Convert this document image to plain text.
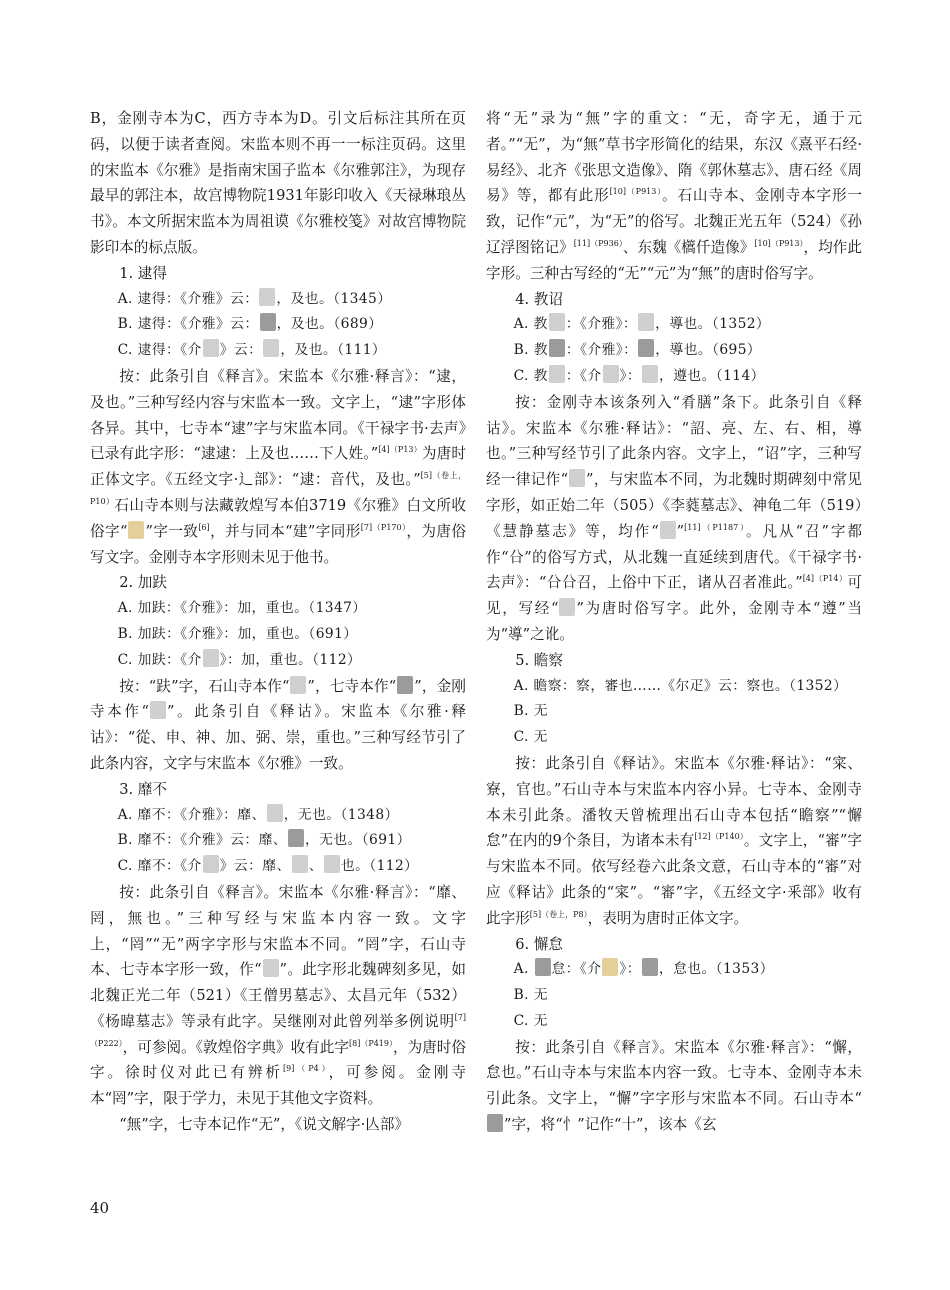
B，金刚寺本为C，西方寺本为D。引文后标注其所在页码，以便于读者查阅。宋监本则不再一一标注页码。这里的宋监本《尔雅》是指南宋国子监本《尔雅郭注》，为现存最早的郭注本，故宫博物院1931年影印收入《天禄琳琅丛书》。本文所据宋监本为周祖谟《尔雅校笺》对故宫博物院影印本的标点版。

1. 逮得

A. 逮得：《介雅》云： ，及也。（1345）

B. 逮得：《介雅》云： ，及也。（689）

C. 逮得：《介 》云： ，及也。（111）

按：此条引自《释言》。宋监本《尔雅·释言》：“逮，及也。”三种写经内容与宋监本一致。文字上，“逮”字形体各异。其中，七寺本“逮”字与宋监本同。《干禄字书·去声》已录有此字形：“逮逮：上及也……下人姓。”$^{[4](P13)}$为唐时正体文字。《五经文字·辶部》：“逮：音代，及也。”$^{[5](卷上,P10)}$石山寺本则与法藏敦煌写本伯3719《尔雅》白文所收俗字“ ”字一致[6]，并与同本“建”字同形$^{[7](P170)}$，为唐俗写文字。金刚寺本字形则未见于他书。

2. 加趺

A. 加趺：《介雅》：加，重也。（1347）

B. 加趺：《介雅》：加，重也。（691）

C. 加趺：《介 》：加，重也。（112）

按：“趺”字，石山寺本作“ ”，七寺本作“ ”，金刚寺本作“ ”。此条引自《释诂》。宋监本《尔雅·释诂》：“從、申、神、加、弼、崇，重也。”三种写经节引了此条内容，文字与宋监本《尔雅》一致。

3. 靡不

A. 靡不：《介雅》：靡、 ，无也。（1348）

B. 靡不：《介雅》云：靡、 ，无也。（691）

C. 靡不：《介 》云：靡、 、 也。（112）

按：此条引自《释言》。宋监本《尔雅·释言》：“靡、罔，無也。”三种写经与宋监本内容一致。文字上，“罔”“无”两字字形与宋监本不同。“罔”字，石山寺本、七寺本字形一致，作“ ”。此字形北魏碑刻多见，如北魏正光二年（521）《王僧男墓志》、太昌元年（532）《杨暐墓志》等录有此字。吴继刚对此曾列举多例说明$^{[7](P222)}$，可参阅。《敦煌俗字典》收有此字$^{[8](P419)}$，为唐时俗字。徐时仪对此已有辨析$^{[9](P4)}$，可参阅。金刚寺本“罔”字，限于学力，未见于其他文字资料。

“無”字，七寺本记作“无”，《说文解字·亾部》

将“无”录为“無”字的重文：“无，奇字无，通于元者。”“无”，为“無”草书字形简化的结果，东汉《熹平石经·易经》、北齐《张思文造像》、隋《郭休墓志》、唐石经《周易》等，都有此形$^{[10](P913)}$。石山寺本、金刚寺本字形一致，记作“元”，为“无”的俗写。北魏正光五年（524）《孙辽浮图铭记》$^{[11](P936)}$、东魏《㰏仟造像》$^{[10](P913)}$，均作此字形。三种古写经的“无”“元”为“無”的唐时俗写字。

4. 教诏

A. 教 ：《介雅》： ，導也。（1352）

B. 教 ：《介雅》： ，導也。（695）

C. 教 ：《介 》： ，遵也。（114）

按：金刚寺本该条列入“肴膳”条下。此条引自《释诂》。宋监本《尔雅·释诂》：“詔、亮、左、右、相，導也。”三种写经节引了此条内容。文字上，“诏”字，三种写经一律记作“ ”，与宋监本不同，为北魏时期碑刻中常见字形，如正始二年（505）《李蕤墓志》、神龟二年（519）《慧静墓志》等，均作“ ”$^{[11](P1187)}$。凡从“召”字都作“㕣”的俗写方式，从北魏一直延续到唐代。《干禄字书·去声》：“㕣㕣召，上俗中下正，诸从召者准此。”$^{[4](P14)}$可见，写经“ ”为唐时俗写字。此外，金刚寺本“遵”当为“導”之讹。

5. 瞻察

A. 瞻察：察，審也……《尔疋》云：察也。（1352）

B. 无

C. 无

按：此条引自《释诂》。宋监本《尔雅·释诂》：“寀、寮，官也。”石山寺本与宋监本内容小异。七寺本、金刚寺本未引此条。潘牧天曾梳理出石山寺本包括“瞻察”“懈怠”在内的9个条目，为诸本未有$^{[12](P140)}$。文字上，“審”字与宋监本不同。依写经卷六此条文意，石山寺本的“審”对应《释诂》此条的“寀”。“審”字，《五经文字·釆部》收有此字形$^{[5](卷上,P8)}$，表明为唐时正体文字。

6. 懈怠

A. 怠：《介 》： ，怠也。（1353）

B. 无

C. 无

按：此条引自《释言》。宋监本《尔雅·释言》：“懈，怠也。”石山寺本与宋监本内容一致。七寺本、金刚寺本未引此条。文字上，“懈”字字形与宋监本不同。石山寺本“”字，将“忄”记作“十”，该本《玄

40
